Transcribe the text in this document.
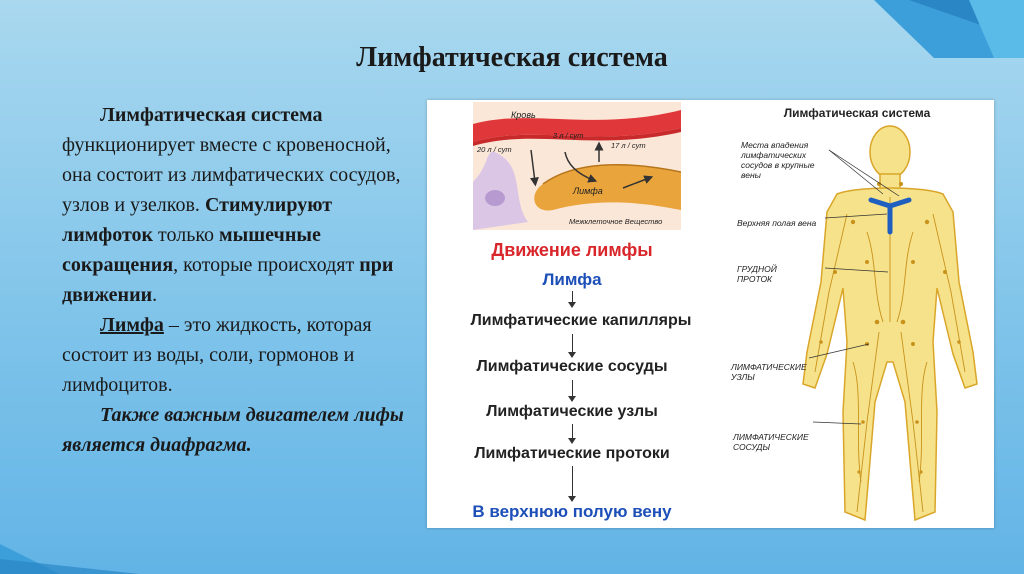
Лимфатическая система

Лимфатическая система функционирует вместе с кровеносной, она состоит из лимфатических сосудов, узлов и узелков. Стимулируют лимфоток только мышечные сокращения, которые происходят при движении.

Лимфа – это жидкость, которая состоит из воды, соли, гормонов и лимфоцитов.

Также важным двигателем лифы является диафрагма.

Кровь
20 л / сут
3 л / сут
17 л / сут
Лимфа
Межклеточное Вещество
Движение лимфы
Лимфа
Лимфатические капилляры
Лимфатические сосуды
Лимфатические узлы
Лимфатические протоки
В верхнюю полую вену
Лимфатическая система
Места впадения лимфатических сосудов в крупные вены
Верхняя полая вена
ГРУДНОЙ ПРОТОК
ЛИМФАТИЧЕСКИЕ УЗЛЫ
ЛИМФАТИЧЕСКИЕ СОСУДЫ
